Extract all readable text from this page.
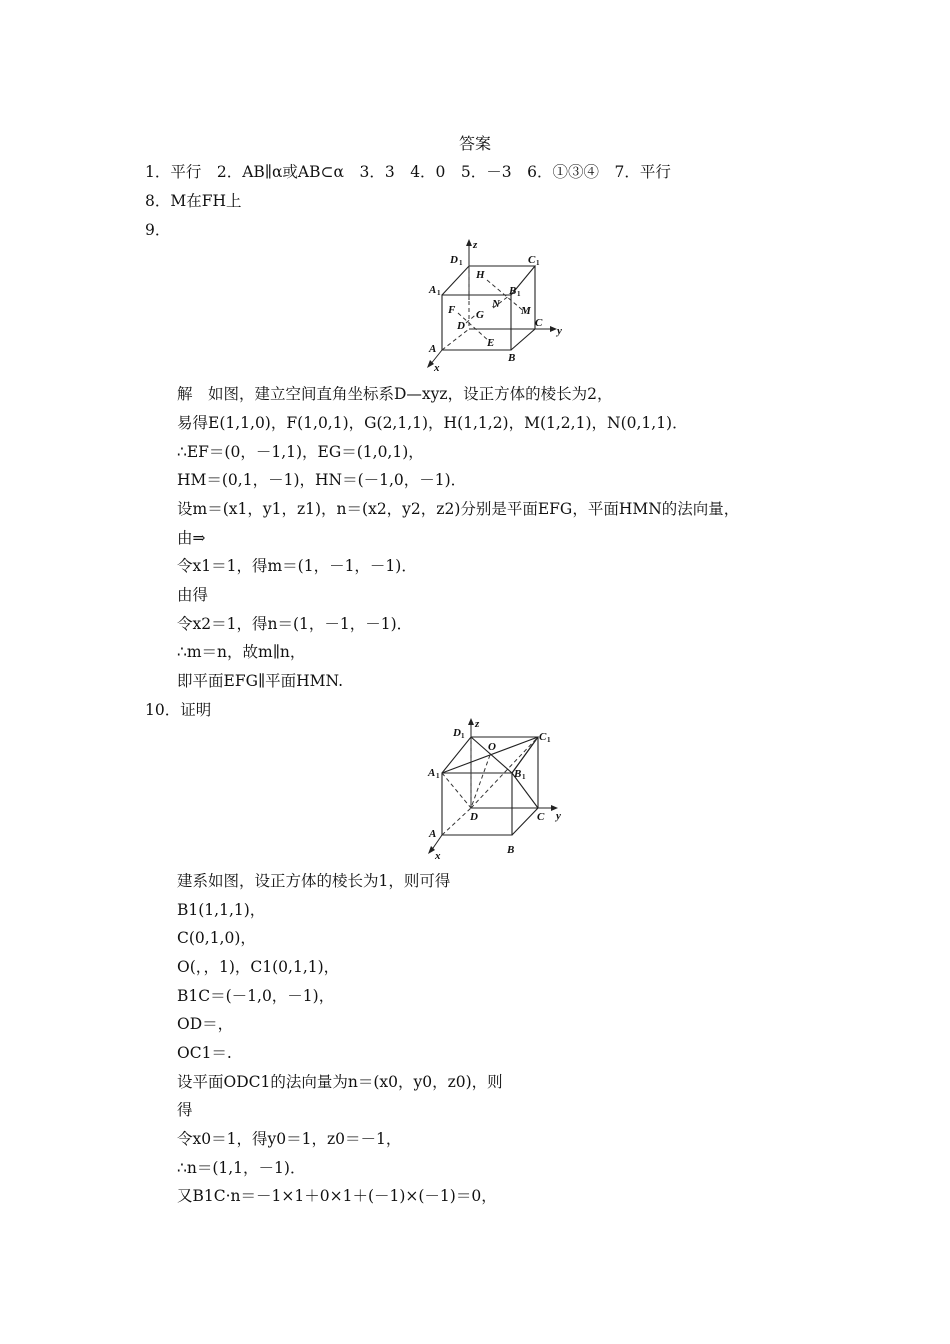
答案
1．平行　2．AB∥α或AB⊂α　3．3　4．0　5．－3　6．①③④　7．平行
8．M在FH上
9．
D 1	C 1
A 1	B 1
H
N
M
F G
D
E
C
A
B
x
y
z
解　如图，建立空间直角坐标系D—xyz，设正方体的棱长为2，
易得E(1,1,0)，F(1,0,1)，G(2,1,1)，H(1,1,2)，M(1,2,1)，N(0,1,1)．
∴EF＝(0，－1,1)，EG＝(1,0,1)，
HM＝(0,1，－1)，HN＝(－1,0，－1)．
设m＝(x1，y1，z1)，n＝(x2，y2，z2)分别是平面EFG，平面HMN的法向量，
由⇒
令x1＝1，得m＝(1，－1，－1)．
由得
令x2＝1，得n＝(1，－1，－1)．
∴m＝n，故m∥n，
即平面EFG∥平面HMN.
10．证明
D 1	C 1
A 1	B 1
O
D	C
A
B
x
y
z
建系如图，设正方体的棱长为1，则可得
B1(1,1,1)，
C(0,1,0)，
O(，，1)，C1(0,1,1)，
B1C＝(－1,0，－1)，
OD＝，
OC1＝.
设平面ODC1的法向量为n＝(x0，y0，z0)，则
得
令x0＝1，得y0＝1，z0＝－1，
∴n＝(1,1，－1)．
又B1C·n＝－1×1＋0×1＋(－1)×(－1)＝0，
